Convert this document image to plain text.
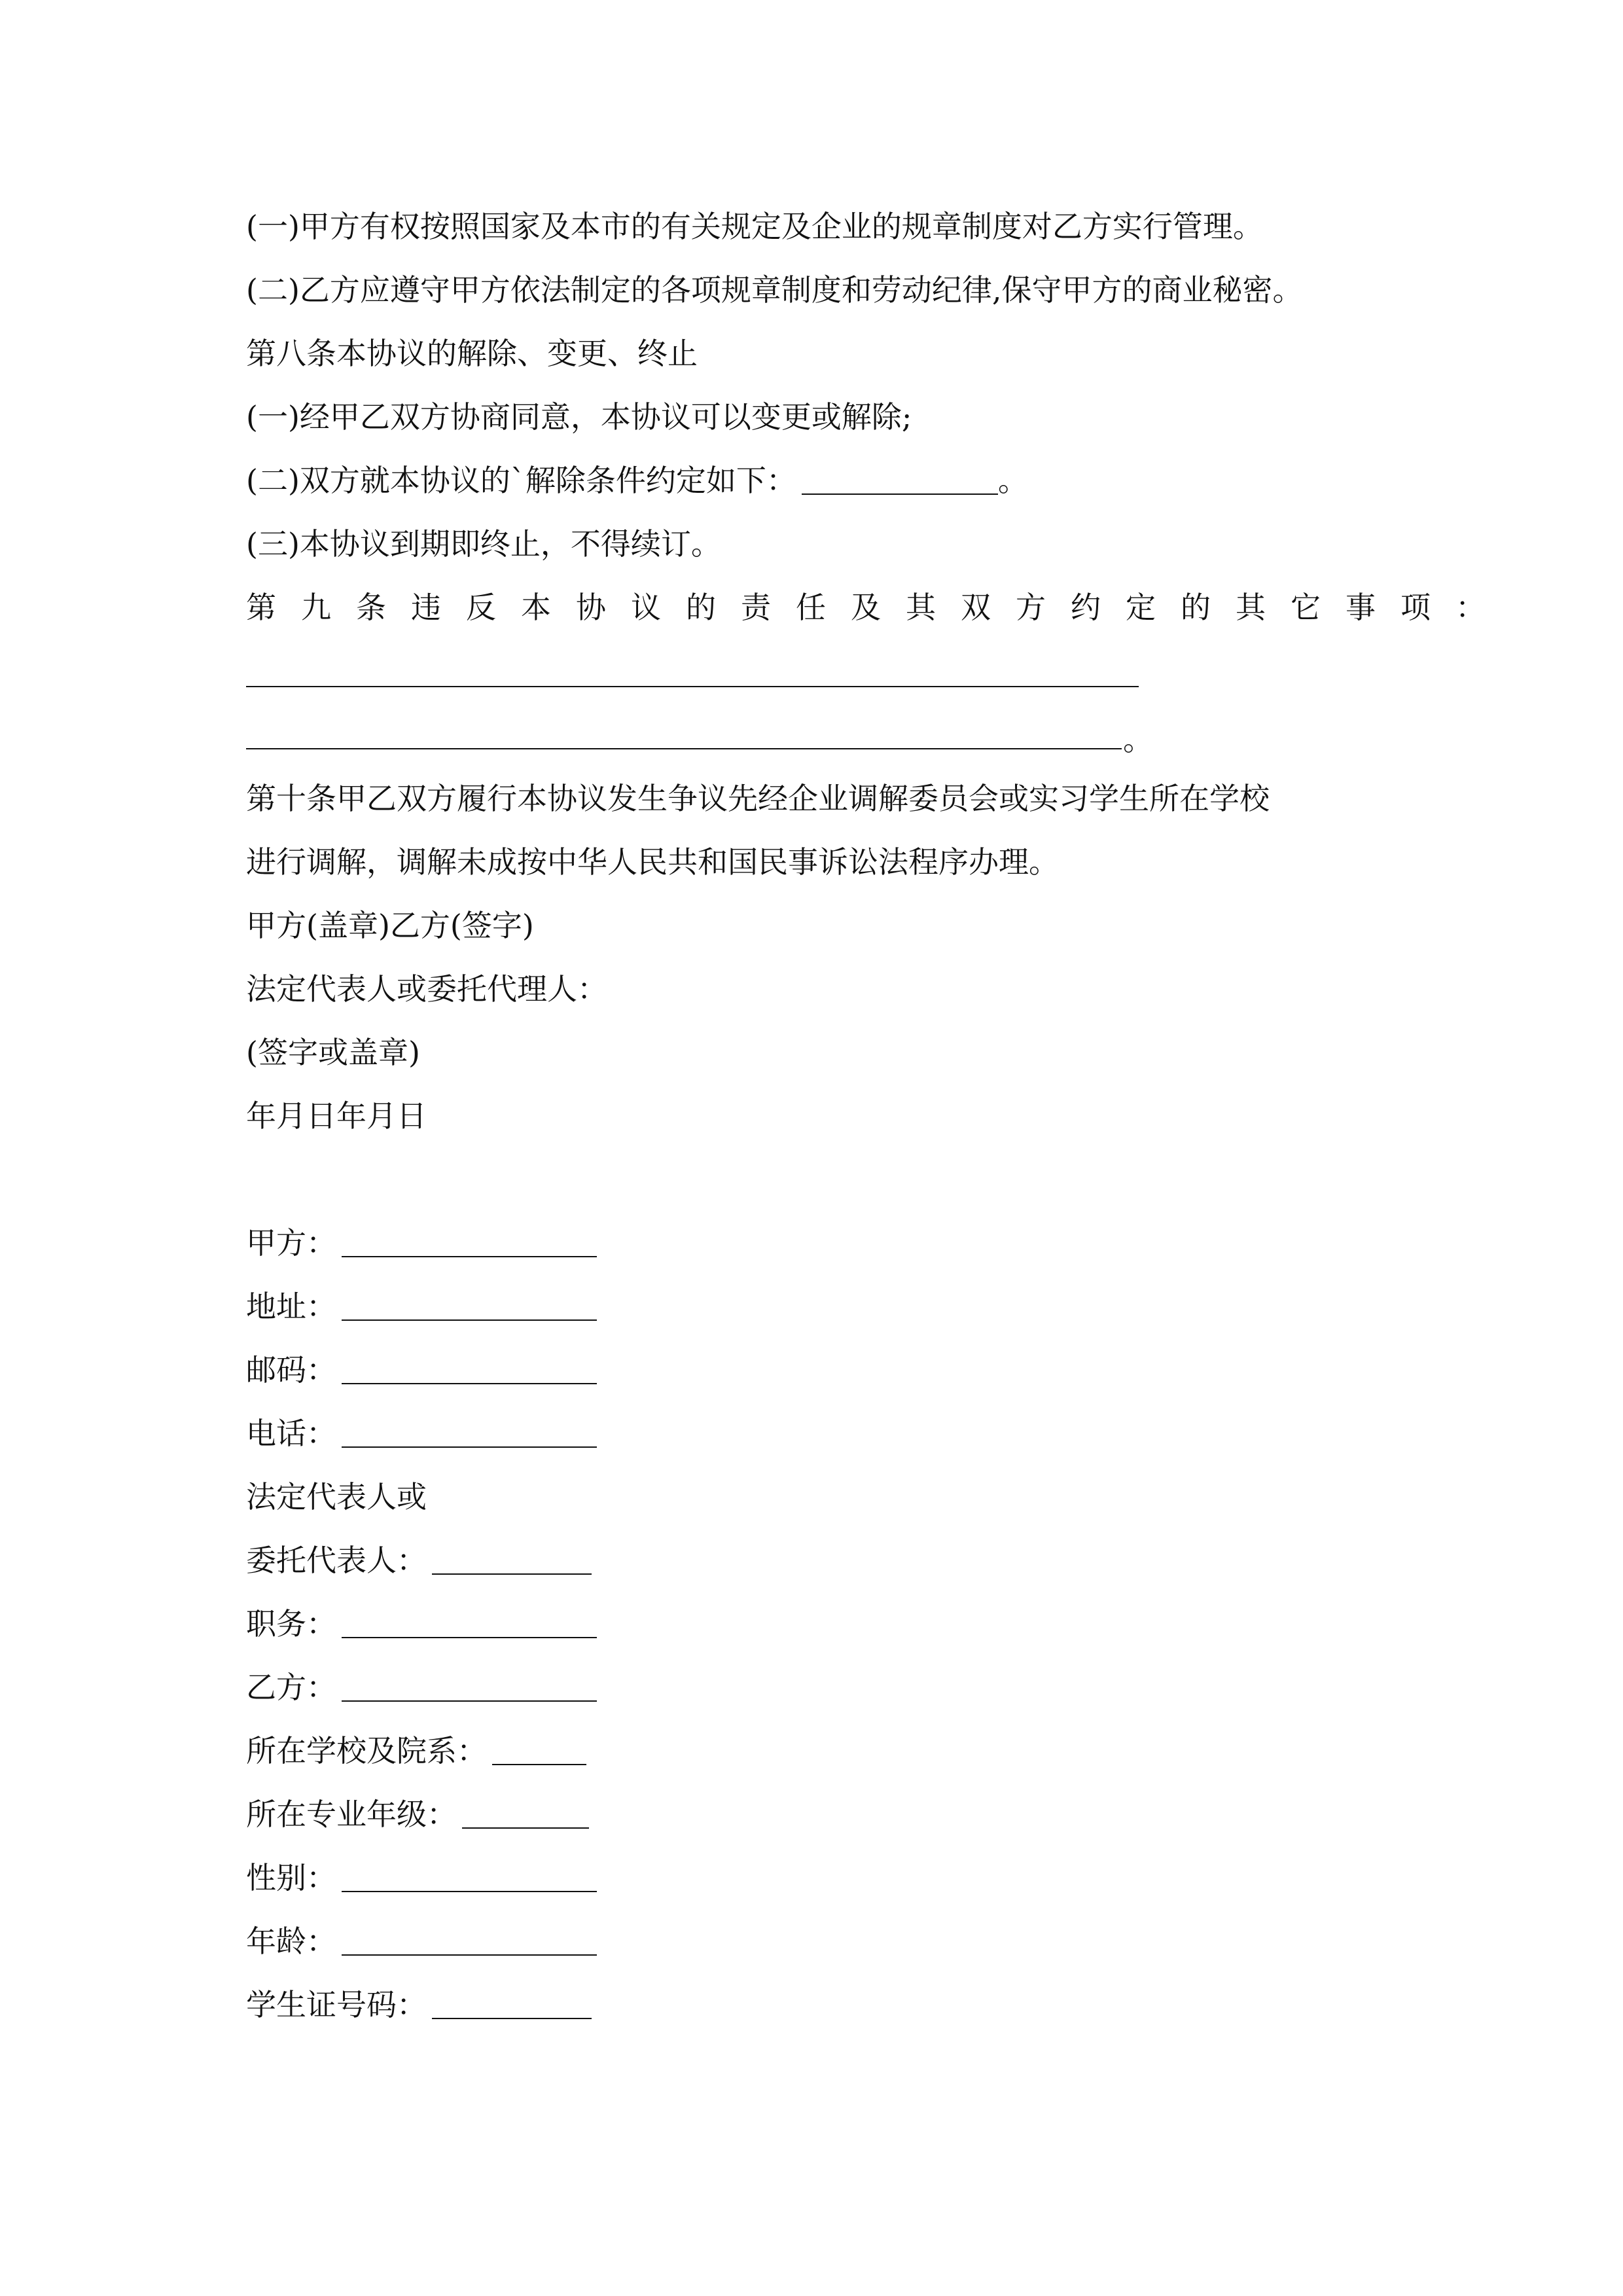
(一)甲方有权按照国家及本市的有关规定及企业的规章制度对乙方实行管理。
(二)乙方应遵守甲方依法制定的各项规章制度和劳动纪律,保守甲方的商业秘密。
第八条本协议的解除、变更、终止
(一)经甲乙双方协商同意，本协议可以变更或解除;
(二)双方就本协议的`解除条件约定如下：	。
(三)本协议到期即终止，不得续订。
第九条违反本协议的责任及其双方约定的其它事项：
。
第十条甲乙双方履行本协议发生争议先经企业调解委员会或实习学生所在学校
进行调解，调解未成按中华人民共和国民事诉讼法程序办理。
甲方(盖章)乙方(签字)
法定代表人或委托代理人：
(签字或盖章)
年月日年月日
甲方：
地址：
邮码：
电话：
法定代表人或
委托代表人：
职务：
乙方：
所在学校及院系：
所在专业年级：
性别：
年龄：
学生证号码：
